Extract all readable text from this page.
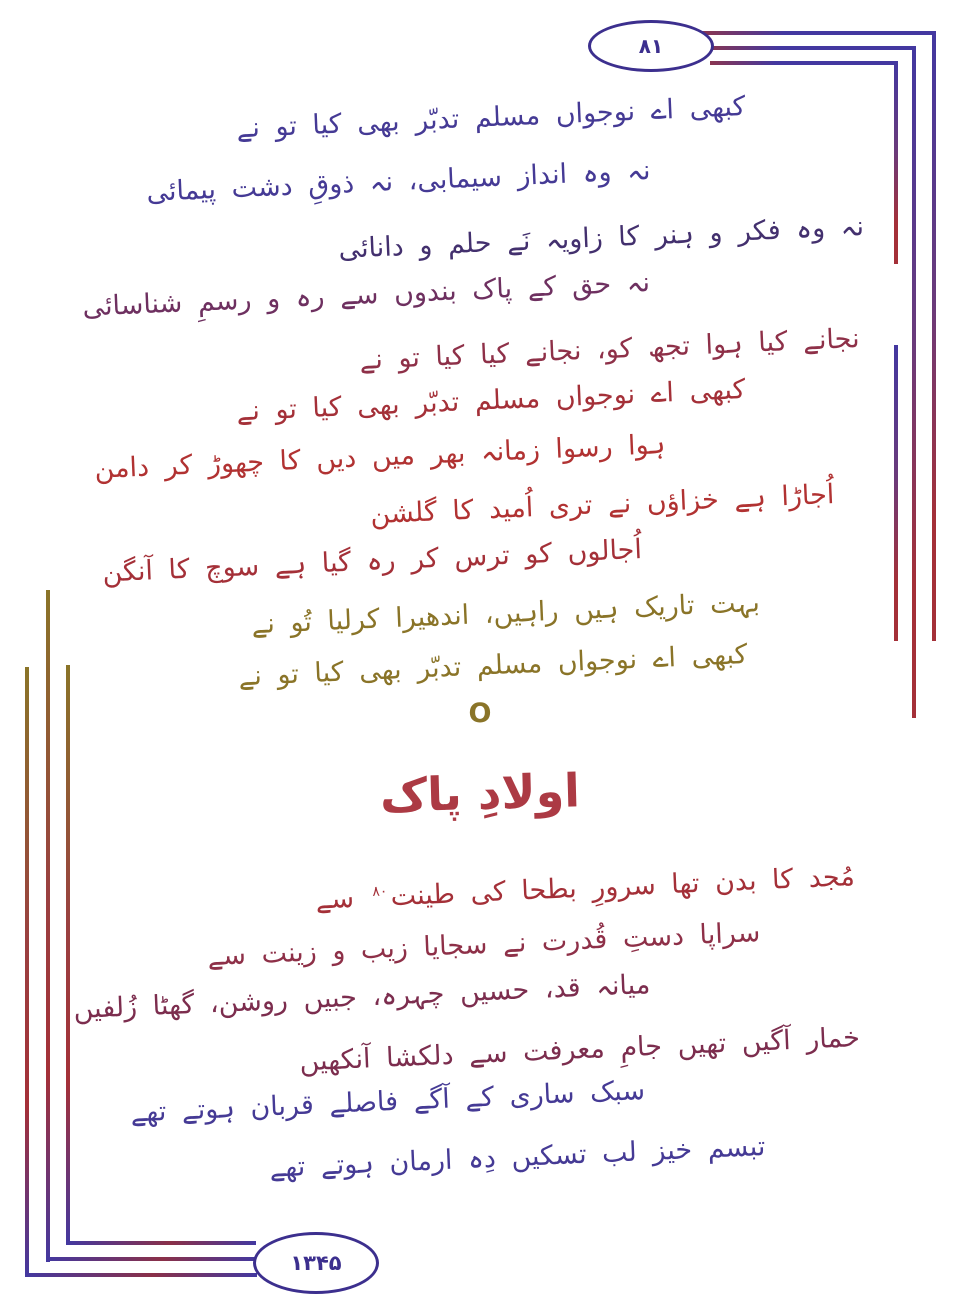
۸۱
کبھی اے نوجواں مسلم تدبّر بھی کیا تو نے
نہ وہ انداز سیمابی، نہ ذوقِ دشت پیمائی
نہ وہ فکر و ہنر کا زاویہ نَے حلم و دانائی
نہ حق کے پاک بندوں سے رہ و رسمِ شناسائی
نجانے کیا ہوا تجھ کو، نجانے کیا کیا تو نے
کبھی اے نوجواں مسلم تدبّر بھی کیا تو نے
ہوا رسوا زمانہ بھر میں دیں کا چھوڑ کر دامن
اُجاڑا ہے خزاؤں نے تری اُمید کا گلشن
اُجالوں کو ترس کر رہ گیا ہے سوچ کا آنگن
بہت تاریک ہیں راہیں، اندھیرا کرلیا تُو نے
کبھی اے نوجواں مسلم تدبّر بھی کیا تو نے
O
اولادِ پاک
مُجد کا بدن تھا سرورِ بطحا کی طینت$^{۸۰}$ سے
سراپا دستِ قُدرت نے سجایا زیب و زینت سے
میانہ قد، حسیں چہرہ، جبیں روشن، گھٹا زُلفیں
خمار آگیں تھیں جامِ معرفت سے دلکشا آنکھیں
سبک ساری کے آگے فاصلے قربان ہوتے تھے
تبسم خیز لب تسکیں دِہ ارمان ہوتے تھے
۱۳۴۵
